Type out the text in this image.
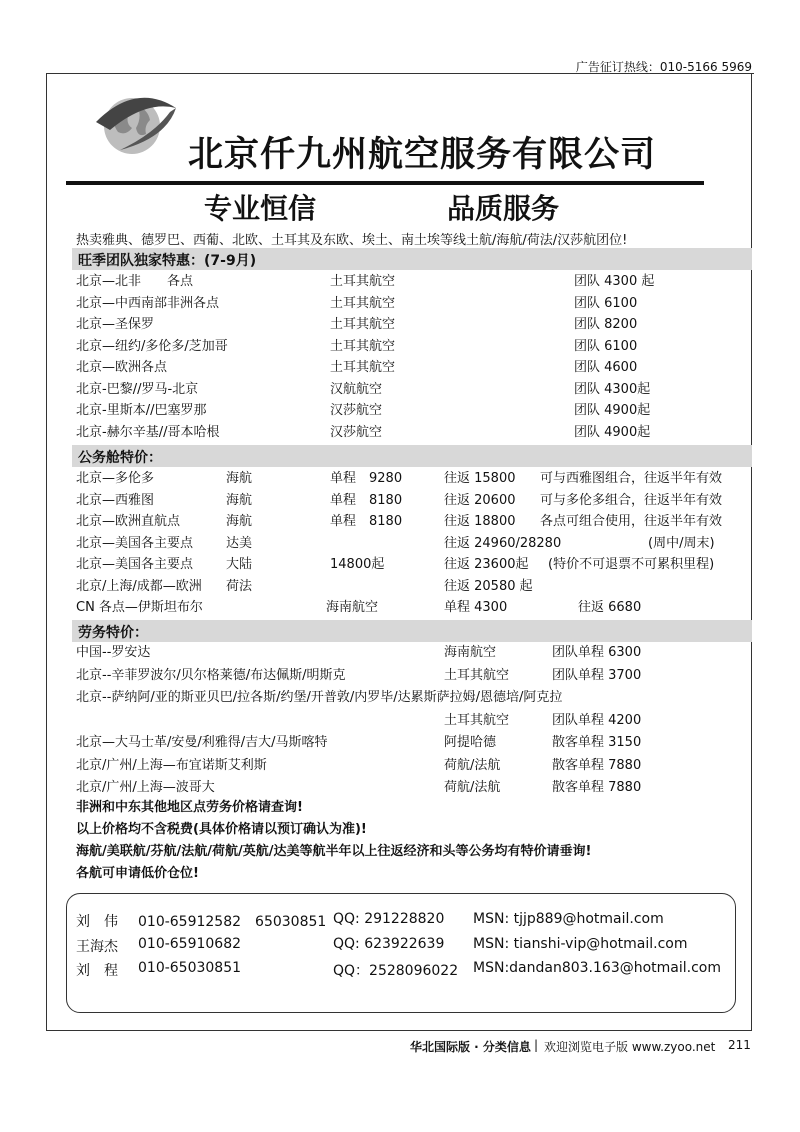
广告征订热线：010-5166 5969
北京仟九州航空服务有限公司
专业恒信	品质服务
热卖雅典、德罗巴、西葡、北欧、土耳其及东欧、埃土、南土埃等线土航/海航/荷法/汉莎航团位!
旺季团队独家特惠：(7-9月)
北京—北非　　各点	土耳其航空	团队 4300 起
北京—中西南部非洲各点	土耳其航空	团队 6100
北京—圣保罗	土耳其航空	团队 8200
北京—纽约/多伦多/芝加哥	土耳其航空	团队 6100
北京—欧洲各点	土耳其航空	团队 4600
北京-巴黎//罗马-北京	汉航航空	团队 4300起
北京-里斯本//巴塞罗那	汉莎航空	团队 4900起
北京-赫尔辛基//哥本哈根	汉莎航空	团队 4900起
公务舱特价：
北京—多伦多	海航	单程　9280	往返 15800 可与西雅图组合，往返半年有效
北京—西雅图	海航	单程　8180	往返 20600 可与多伦多组合，往返半年有效
北京—欧洲直航点	海航	单程　8180	往返 18800 各点可组合使用，往返半年有效
北京—美国各主要点	达美	往返 24960/28280	(周中/周末)
北京—美国各主要点	大陆	14800起	往返 23600起 (特价不可退票不可累积里程)
北京/上海/成都—欧洲 荷法	往返 20580 起
CN 各点—伊斯坦布尔	海南航空	单程 4300	往返 6680
劳务特价：
中国--罗安达	海南航空	团队单程 6300
北京--辛菲罗波尔/贝尔格莱德/布达佩斯/明斯克	土耳其航空	团队单程 3700
北京--萨纳阿/亚的斯亚贝巴/拉各斯/约堡/开普敦/内罗毕/达累斯萨拉姆/恩德培/阿克拉
土耳其航空	团队单程 4200
北京—大马士革/安曼/利雅得/吉大/马斯喀特	阿提哈德	散客单程 3150
北京/广州/上海—布宜诺斯艾利斯	荷航/法航	散客单程 7880
北京/广州/上海—波哥大	荷航/法航	散客单程 7880
非洲和中东其他地区点劳务价格请查询!
以上价格均不含税费(具体价格请以预订确认为准)!
海航/美联航/芬航/法航/荷航/英航/达美等航半年以上往返经济和头等公务均有特价请垂询!
各航可申请低价仓位!
刘　伟 010-65912582　65030851 QQ: 291228820 MSN: tjjp889@hotmail.com
王海杰 010-65910682	QQ: 623922639 MSN: tianshi-vip@hotmail.com
刘　程 010-65030851	QQ：2528096022 MSN:dandan803.163@hotmail.com
华北国际版 · 分类信息 | 欢迎浏览电子版 www.zyoo.net 211
